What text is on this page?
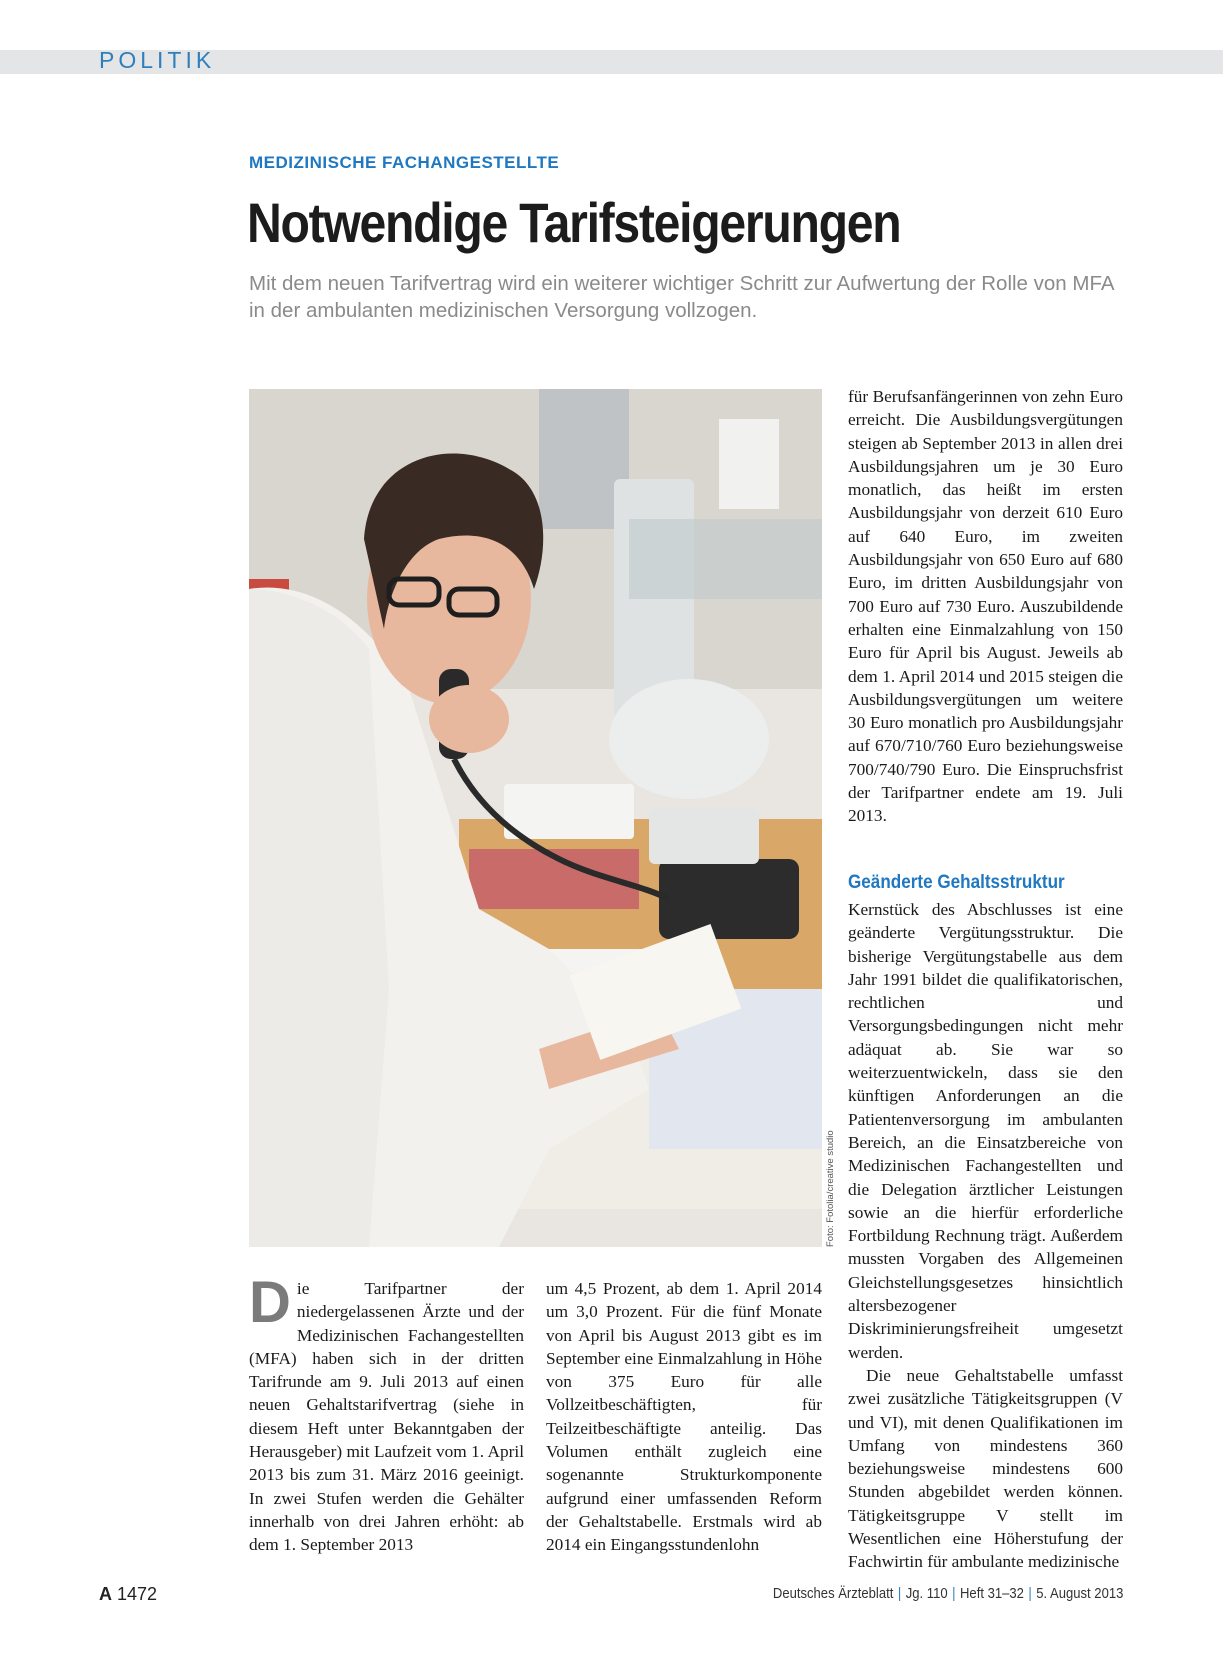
POLITIK
MEDIZINISCHE FACHANGESTELLTE
Notwendige Tarifsteigerungen
Mit dem neuen Tarifvertrag wird ein weiterer wichtiger Schritt zur Aufwertung der Rolle von MFA in der ambulanten medizinischen Versorgung vollzogen.
Foto: Fotolia/creative studio

Die Tarifpartner der niedergelassenen Ärzte und der Medizinischen Fachangestellten (MFA) haben sich in der dritten Tarifrunde am 9. Juli 2013 auf einen neuen Gehaltstarifvertrag (siehe in diesem Heft unter Bekanntgaben der Herausgeber) mit Laufzeit vom 1. April 2013 bis zum 31. März 2016 geeinigt. In zwei Stufen werden die Gehälter innerhalb von drei Jahren erhöht: ab dem 1. September 2013

um 4,5 Prozent, ab dem 1. April 2014 um 3,0 Prozent. Für die fünf Monate von April bis August 2013 gibt es im September eine Einmalzahlung in Höhe von 375 Euro für alle Vollzeitbeschäftigten, für Teilzeitbeschäftigte anteilig. Das Volumen enthält zugleich eine sogenannte Strukturkomponente aufgrund einer umfassenden Reform der Gehaltstabelle. Erstmals wird ab 2014 ein Eingangsstundenlohn

für Berufsanfängerinnen von zehn Euro erreicht. Die Ausbildungsvergütungen steigen ab September 2013 in allen drei Ausbildungsjahren um je 30 Euro monatlich, das heißt im ersten Ausbildungsjahr von derzeit 610 Euro auf 640 Euro, im zweiten Ausbildungsjahr von 650 Euro auf 680 Euro, im dritten Ausbildungsjahr von 700 Euro auf 730 Euro. Auszubildende erhalten eine Einmalzahlung von 150 Euro für April bis August. Jeweils ab dem 1. April 2014 und 2015 steigen die Ausbildungsvergütungen um weitere 30 Euro monatlich pro Ausbildungsjahr auf 670/710/760 Euro beziehungsweise 700/740/790 Euro. Die Einspruchsfrist der Tarifpartner endete am 19. Juli 2013.

Geänderte Gehaltsstruktur

Kernstück des Abschlusses ist eine geänderte Vergütungsstruktur. Die bisherige Vergütungstabelle aus dem Jahr 1991 bildet die qualifikatorischen, rechtlichen und Versorgungsbedingungen nicht mehr adäquat ab. Sie war so weiterzuentwickeln, dass sie den künftigen Anforderungen an die Patientenversorgung im ambulanten Bereich, an die Einsatzbereiche von Medizinischen Fachangestellten und die Delegation ärztlicher Leistungen sowie an die hierfür erforderliche Fortbildung Rechnung trägt. Außerdem mussten Vorgaben des Allgemeinen Gleichstellungsgesetzes hinsichtlich altersbezogener Diskriminierungsfreiheit umgesetzt werden.

Die neue Gehaltstabelle umfasst zwei zusätzliche Tätigkeitsgruppen (V und VI), mit denen Qualifikationen im Umfang von mindestens 360 beziehungsweise mindestens 600 Stunden abgebildet werden können. Tätigkeitsgruppe V stellt im Wesentlichen eine Höherstufung der Fachwirtin für ambulante medizinische

A 1472	Deutsches Ärzteblatt | Jg. 110 | Heft 31–32 | 5. August 2013
